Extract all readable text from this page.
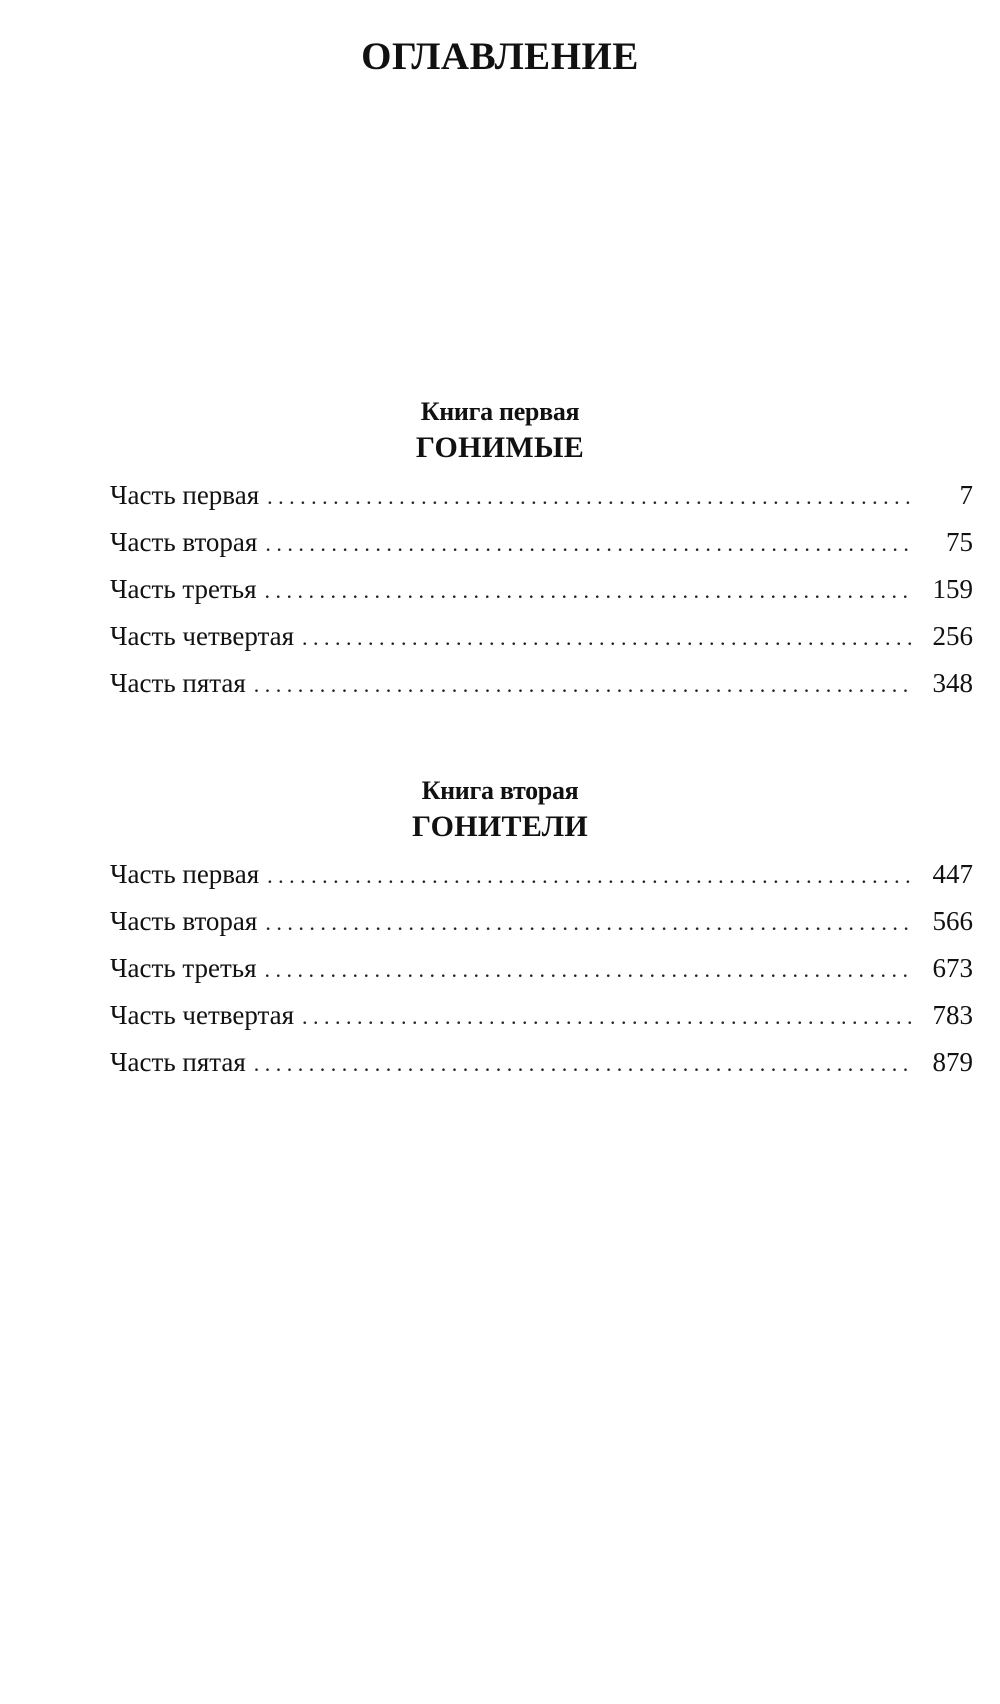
ОГЛАВЛЕНИЕ
Книга первая
ГОНИМЫЕ
Часть первая . . .	7
Часть вторая . . .	75
Часть третья . . .	159
Часть четвертая . . .	256
Часть пятая . . .	348
Книга вторая
ГОНИТЕЛИ
Часть первая . . .	447
Часть вторая . . .	566
Часть третья . . .	673
Часть четвертая . . .	783
Часть пятая . . .	879
